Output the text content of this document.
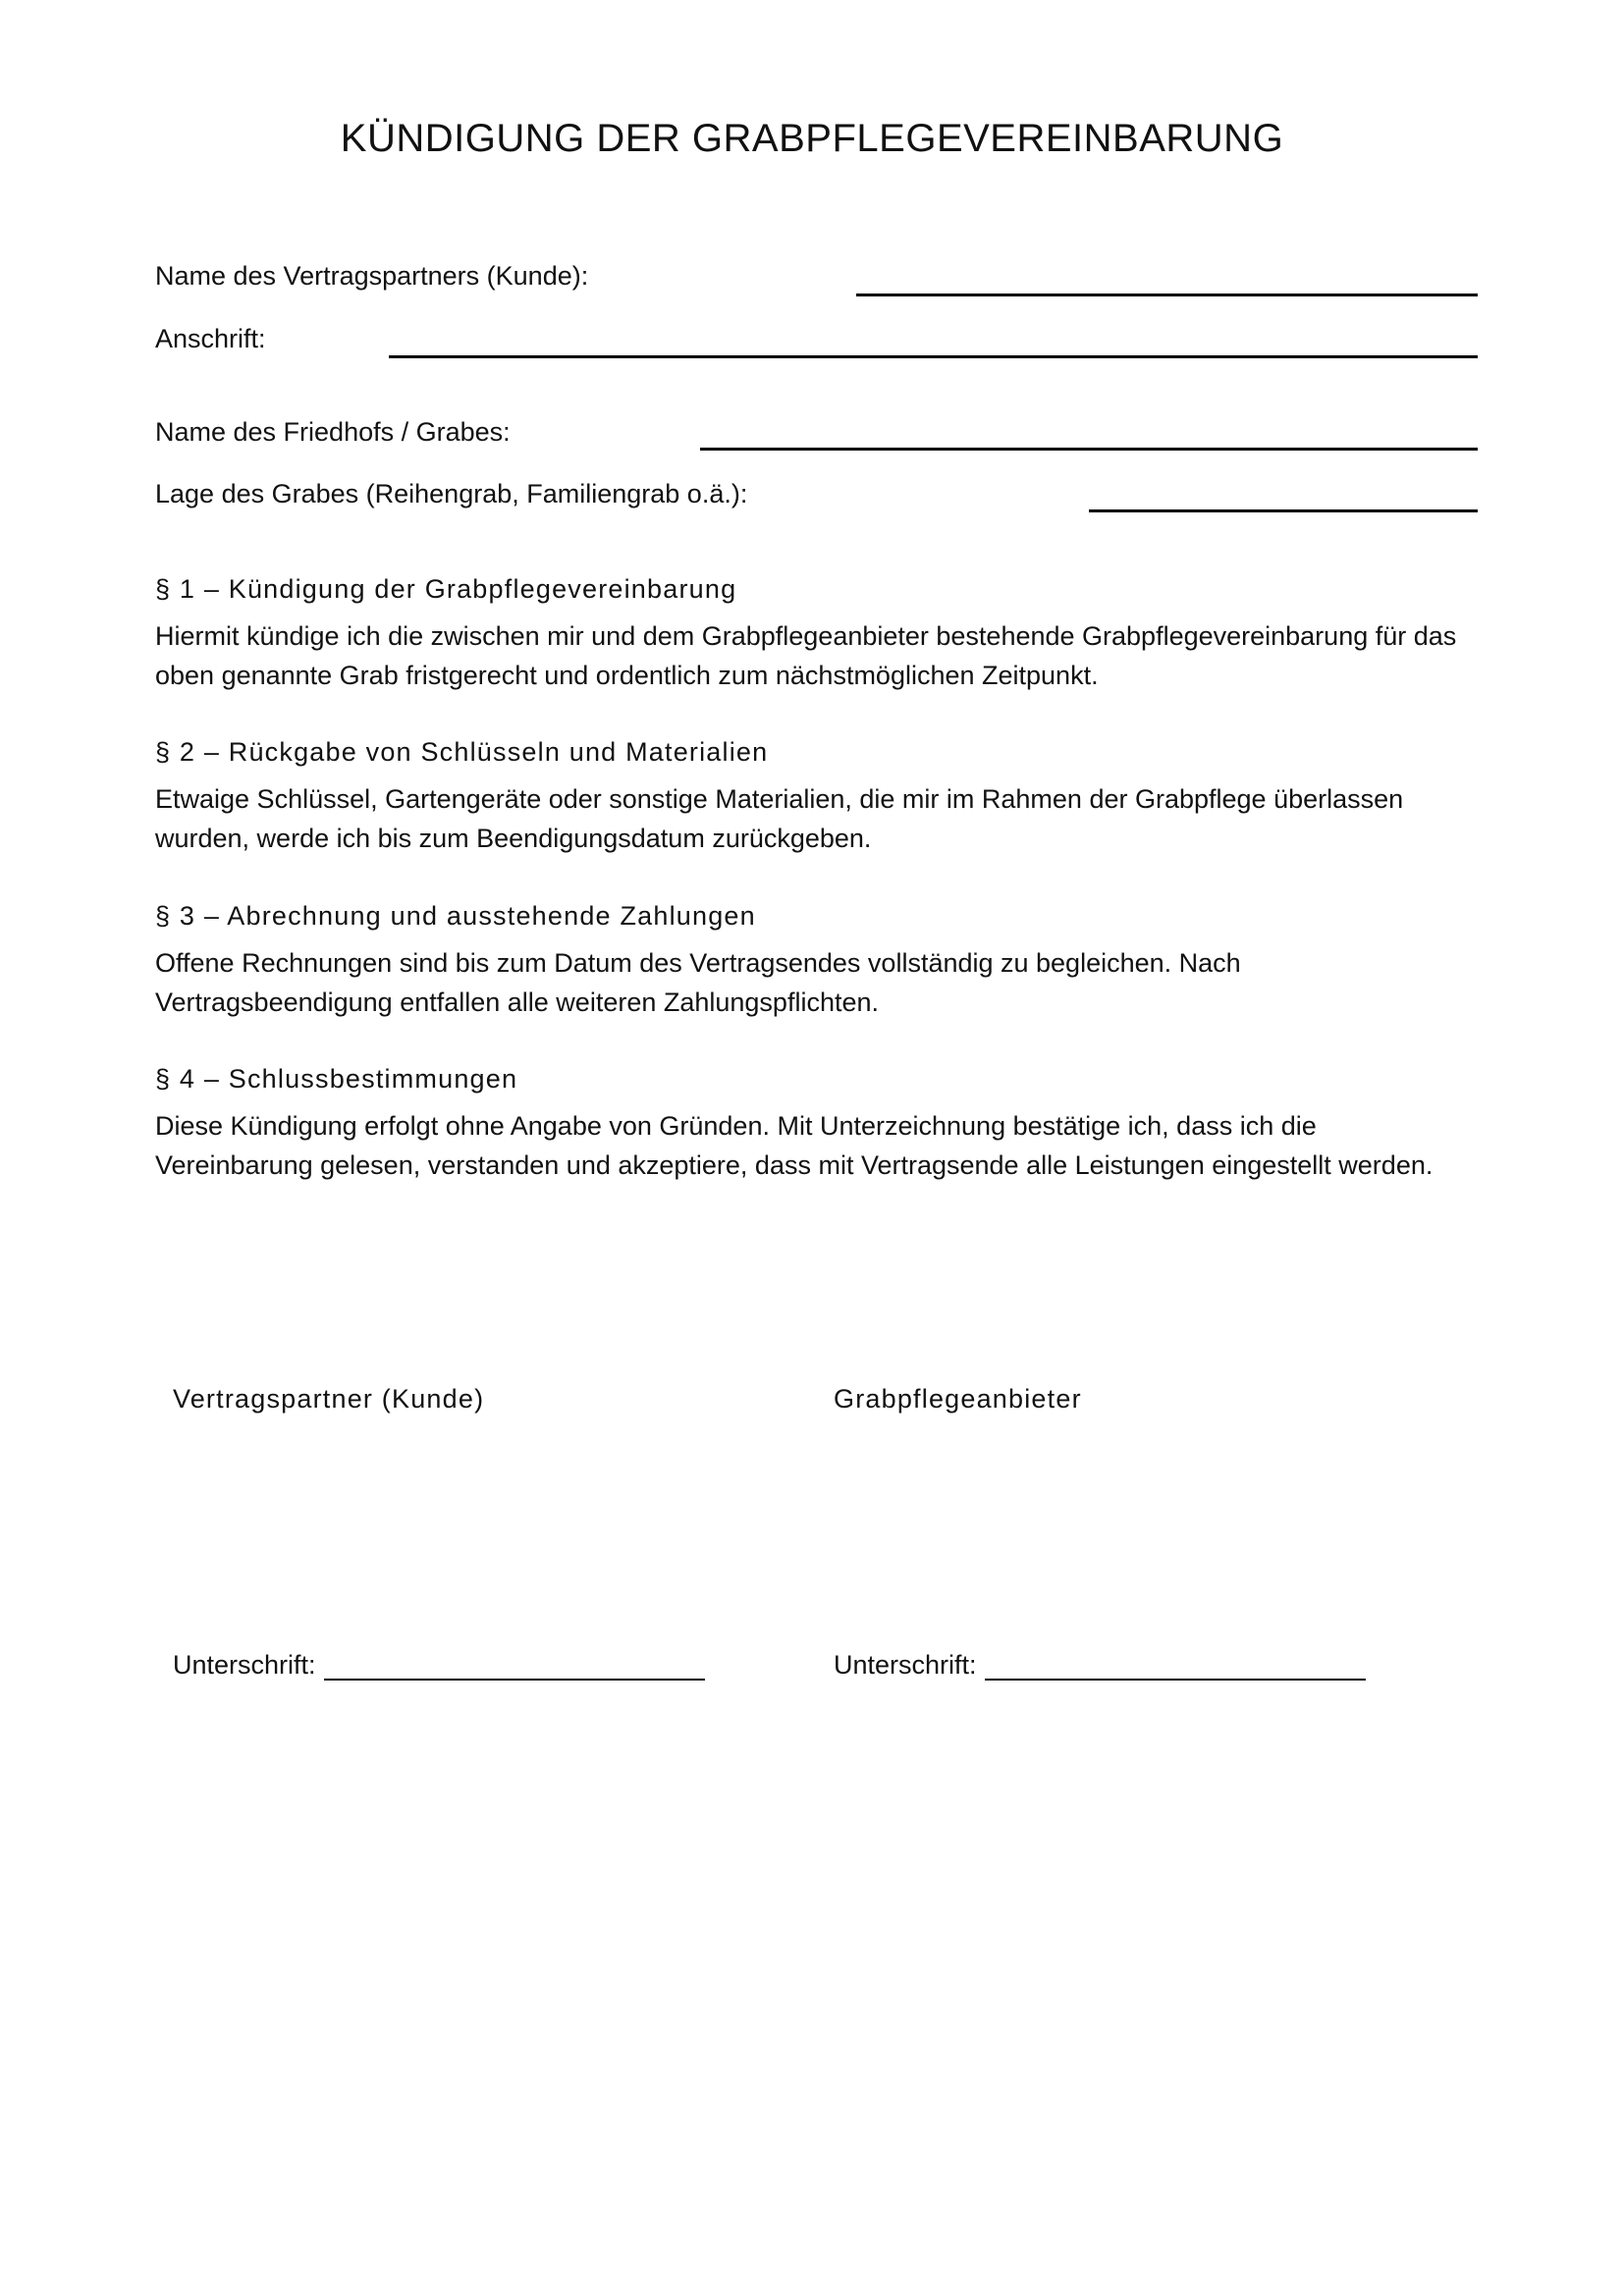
KÜNDIGUNG DER GRABPFLEGEVEREINBARUNG
Name des Vertragspartners (Kunde):
Anschrift:
Name des Friedhofs / Grabes:
Lage des Grabes (Reihengrab, Familiengrab o.ä.):
§ 1 – Kündigung der Grabpflegevereinbarung

Hiermit kündige ich die zwischen mir und dem Grabpflegeanbieter bestehende Grabpflegevereinbarung für das oben genannte Grab fristgerecht und ordentlich zum nächstmöglichen Zeitpunkt.

§ 2 – Rückgabe von Schlüsseln und Materialien

Etwaige Schlüssel, Gartengeräte oder sonstige Materialien, die mir im Rahmen der Grabpflege überlassen wurden, werde ich bis zum Beendigungsdatum zurückgeben.

§ 3 – Abrechnung und ausstehende Zahlungen

Offene Rechnungen sind bis zum Datum des Vertragsendes vollständig zu begleichen. Nach Vertragsbeendigung entfallen alle weiteren Zahlungspflichten.

§ 4 – Schlussbestimmungen

Diese Kündigung erfolgt ohne Angabe von Gründen. Mit Unterzeichnung bestätige ich, dass ich die Vereinbarung gelesen, verstanden und akzeptiere, dass mit Vertragsende alle Leistungen eingestellt werden.

Vertragspartner (Kunde)	Grabpflegeanbieter
Unterschrift:	Unterschrift:
